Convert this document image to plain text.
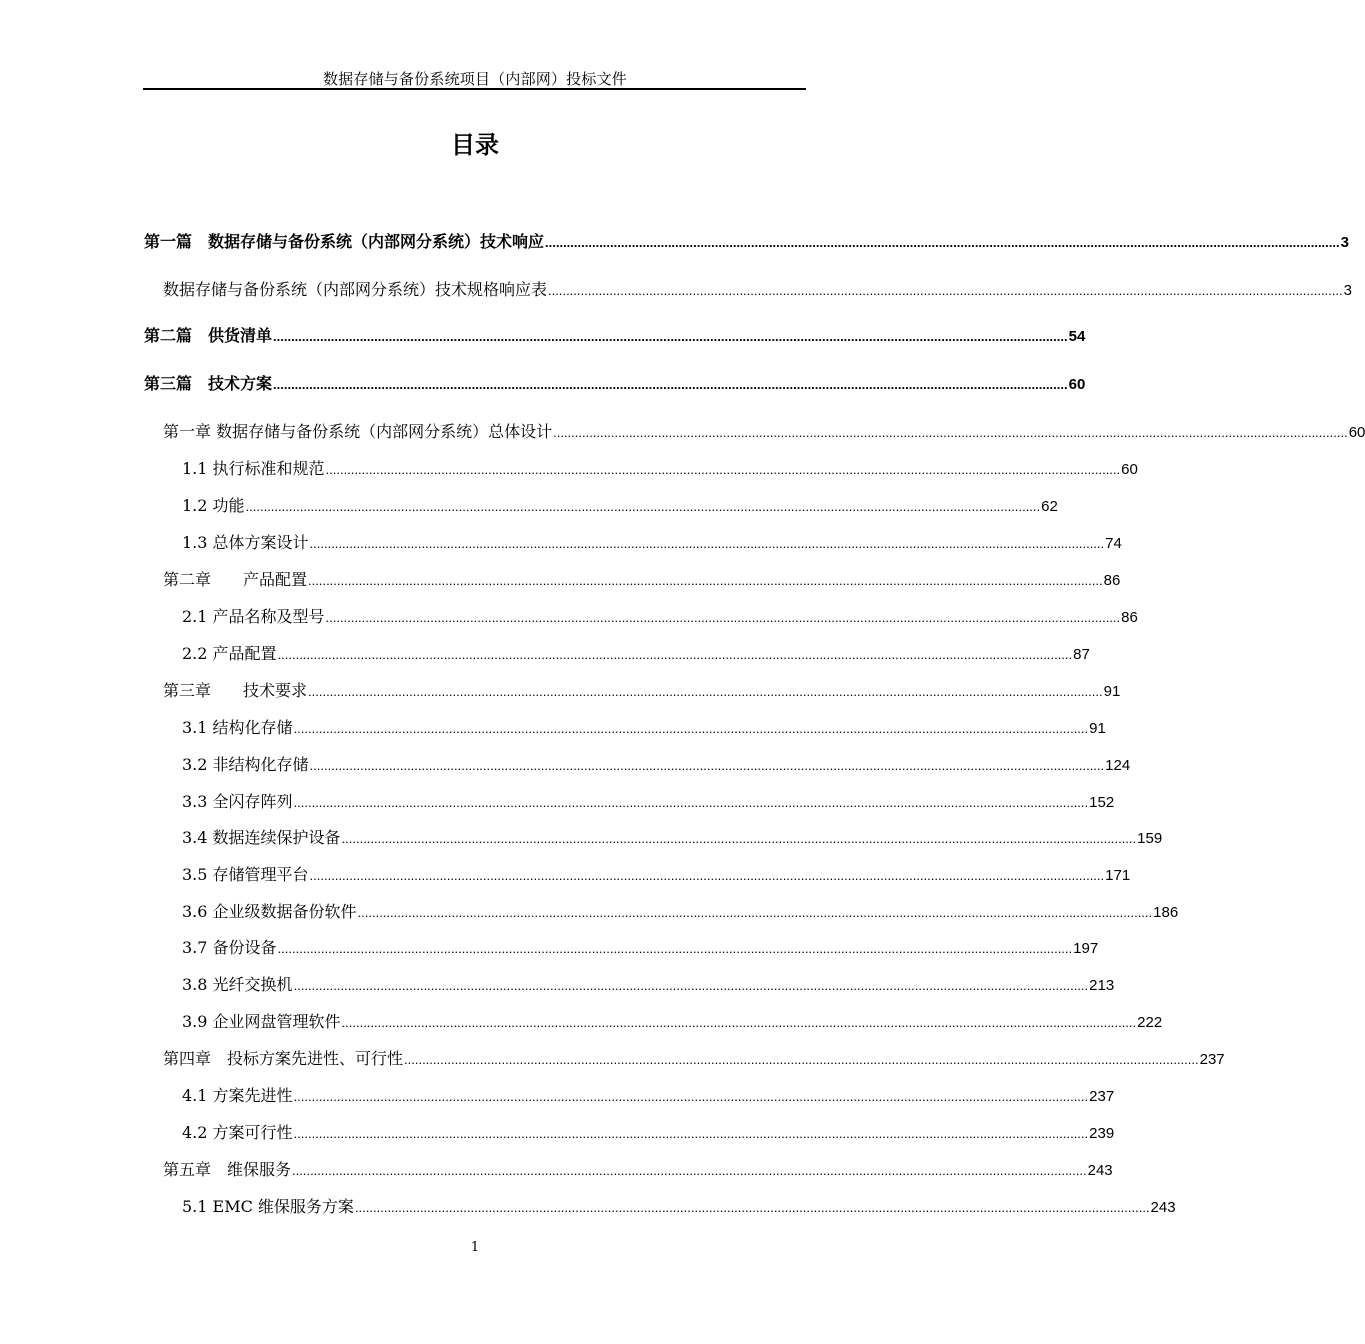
数据存储与备份系统项目（内部网）投标文件
目录
第一篇　数据存储与备份系统（内部网分系统）技术响应 ............................................................................................................................................................................................................................ 3
数据存储与备份系统（内部网分系统）技术规格响应表 ............................................................................................................................................................................................................................ 3
第二篇　供货清单 ............................................................................................................................................................................................................................ 54
第三篇　技术方案 ............................................................................................................................................................................................................................ 60
第一章 数据存储与备份系统（内部网分系统）总体设计 ............................................................................................................................................................................................................................ 60
1.1 执行标准和规范 ............................................................................................................................................................................................................................ 60
1.2 功能 ............................................................................................................................................................................................................................ 62
1.3 总体方案设计 ............................................................................................................................................................................................................................ 74
第二章　　产品配置 ............................................................................................................................................................................................................................ 86
2.1 产品名称及型号 ............................................................................................................................................................................................................................ 86
2.2 产品配置 ............................................................................................................................................................................................................................ 87
第三章　　技术要求 ............................................................................................................................................................................................................................ 91
3.1 结构化存储 ............................................................................................................................................................................................................................ 91
3.2 非结构化存储 ............................................................................................................................................................................................................................ 124
3.3 全闪存阵列 ............................................................................................................................................................................................................................ 152
3.4 数据连续保护设备 ............................................................................................................................................................................................................................ 159
3.5 存储管理平台 ............................................................................................................................................................................................................................ 171
3.6 企业级数据备份软件 ............................................................................................................................................................................................................................ 186
3.7 备份设备 ............................................................................................................................................................................................................................ 197
3.8 光纤交换机 ............................................................................................................................................................................................................................ 213
3.9 企业网盘管理软件 ............................................................................................................................................................................................................................ 222
第四章　投标方案先进性、可行性 ............................................................................................................................................................................................................................ 237
4.1 方案先进性 ............................................................................................................................................................................................................................ 237
4.2 方案可行性 ............................................................................................................................................................................................................................ 239
第五章　维保服务 ............................................................................................................................................................................................................................ 243
5.1 EMC 维保服务方案 ............................................................................................................................................................................................................................ 243
1
